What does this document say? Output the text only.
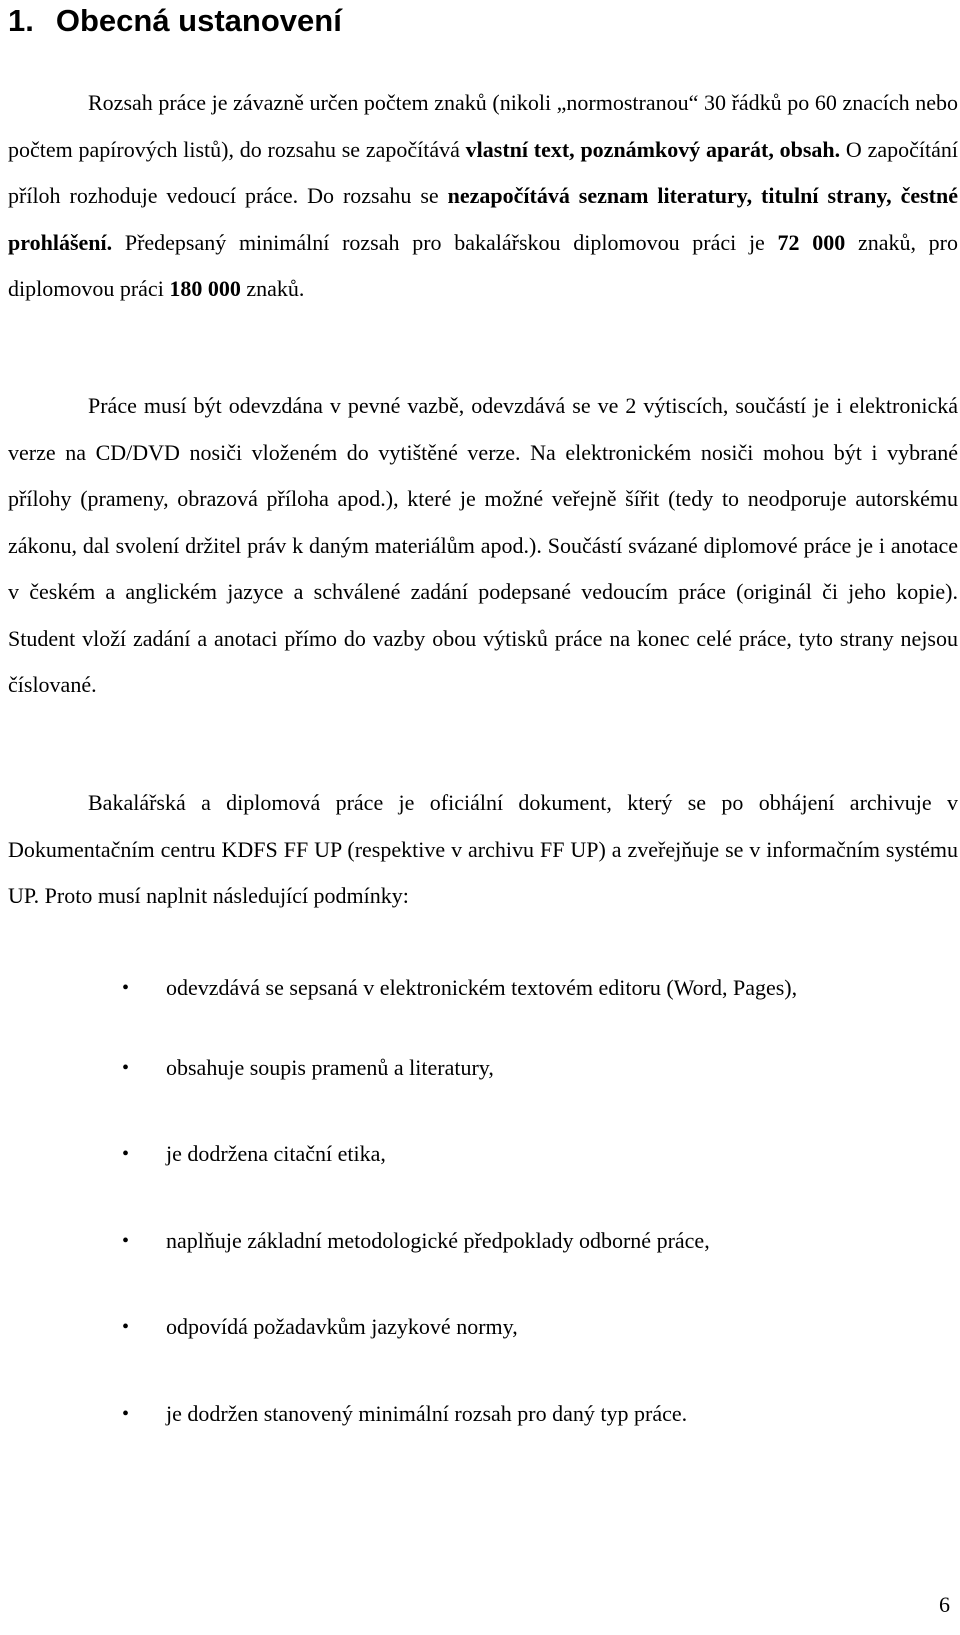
1. Obecná ustanovení

Rozsah práce je závazně určen počtem znaků (nikoli „normostranou“ 30 řádků po 60 znacích nebo počtem papírových listů), do rozsahu se započítává vlastní text, poznámkový aparát, obsah. O započítání příloh rozhoduje vedoucí práce. Do rozsahu se nezapočítává seznam literatury, titulní strany, čestné prohlášení. Předepsaný minimální rozsah pro bakalářskou diplomovou práci je 72 000 znaků, pro diplomovou práci 180 000 znaků.

Práce musí být odevzdána v pevné vazbě, odevzdává se ve 2 výtiscích, součástí je i elektronická verze na CD/DVD nosiči vloženém do vytištěné verze. Na elektronickém nosiči mohou být i vybrané přílohy (prameny, obrazová příloha apod.), které je možné veřejně šířit (tedy to neodporuje autorskému zákonu, dal svolení držitel práv k daným materiálům apod.). Součástí svázané diplomové práce je i anotace v českém a anglickém jazyce a schválené zadání podepsané vedoucím práce (originál či jeho kopie). Student vloží zadání a anotaci přímo do vazby obou výtisků práce na konec celé práce, tyto strany nejsou číslované.

Bakalářská a diplomová práce je oficiální dokument, který se po obhájení archivuje v Dokumentačním centru KDFS FF UP (respektive v archivu FF UP) a zveřejňuje se v informačním systému UP. Proto musí naplnit následující podmínky:

• odevzdává se sepsaná v elektronickém textovém editoru (Word, Pages),
• obsahuje soupis pramenů a literatury,
• je dodržena citační etika,
• naplňuje základní metodologické předpoklady odborné práce,
• odpovídá požadavkům jazykové normy,
• je dodržen stanovený minimální rozsah pro daný typ práce.
6
